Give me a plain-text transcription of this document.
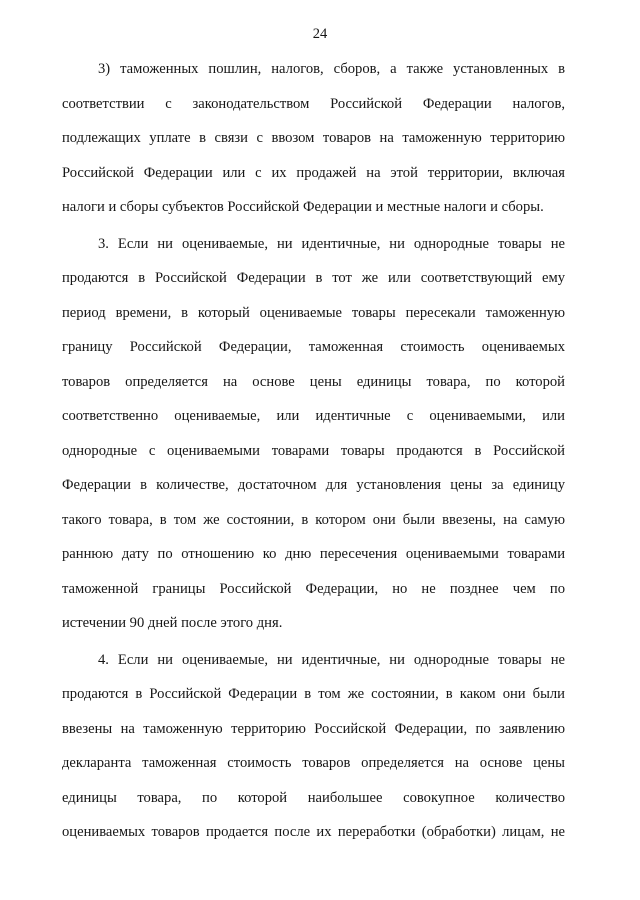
24
3) таможенных пошлин, налогов, сборов, а также установленных в
соответствии с законодательством Российской Федерации налогов,
подлежащих уплате в связи с ввозом товаров на таможенную территорию
Российской Федерации или с их продажей на этой территории, включая
налоги и сборы субъектов Российской Федерации и местные налоги и сборы.
3. Если ни оцениваемые, ни идентичные, ни однородные товары не
продаются в Российской Федерации в тот же или соответствующий ему
период времени, в который оцениваемые товары пересекали таможенную
границу Российской Федерации, таможенная стоимость оцениваемых
товаров определяется на основе цены единицы товара, по которой
соответственно оцениваемые, или идентичные с оцениваемыми, или
однородные с оцениваемыми товарами товары продаются в Российской
Федерации в количестве, достаточном для установления цены за единицу
такого товара, в том же состоянии, в котором они были ввезены, на самую
раннюю дату по отношению ко дню пересечения оцениваемыми товарами
таможенной границы Российской Федерации, но не позднее чем по
истечении 90 дней после этого дня.
4. Если ни оцениваемые, ни идентичные, ни однородные товары не
продаются в Российской Федерации в том же состоянии, в каком они были
ввезены на таможенную территорию Российской Федерации, по заявлению
декларанта таможенная стоимость товаров определяется на основе цены
единицы товара, по которой наибольшее совокупное количество
оцениваемых товаров продается после их переработки (обработки) лицам, не
